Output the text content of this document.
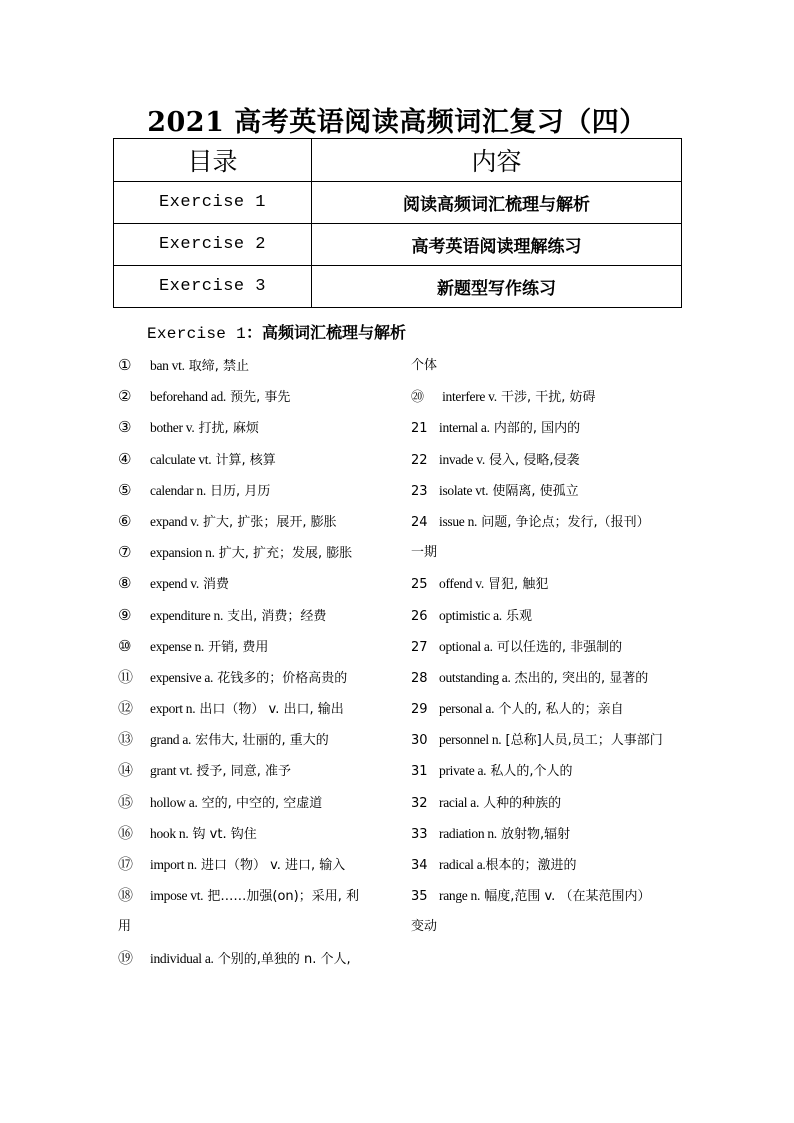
2021 高考英语阅读高频词汇复习（四）
目录	内容
Exercise 1	阅读高频词汇梳理与解析
Exercise 2	高考英语阅读理解练习
Exercise 3	新题型写作练习
Exercise 1：高频词汇梳理与解析
① ban vt. 取缔, 禁止
② beforehand ad. 预先, 事先
③ bother v. 打扰, 麻烦
④ calculate vt. 计算, 核算
⑤ calendar n. 日历, 月历
⑥ expand v. 扩大, 扩张；展开, 膨胀
⑦ expansion n. 扩大, 扩充；发展, 膨胀
⑧ expend v. 消费
⑨ expenditure n. 支出, 消费；经费
⑩ expense n. 开销, 费用
⑪ expensive a. 花钱多的；价格高贵的
⑫ export n. 出口（物） v. 出口, 输出
⑬ grand a. 宏伟大, 壮丽的, 重大的
⑭ grant vt. 授予, 同意, 准予
⑮ hollow a. 空的, 中空的, 空虚道
⑯ hook n. 钩 vt. 钩住
⑰ import n. 进口（物） v. 进口, 输入
⑱ impose vt. 把……加强(on)；采用, 利
用
⑲ individual a. 个别的,单独的 n. 个人,
个体
⑳ interfere v. 干涉, 干扰, 妨碍
21 internal a. 内部的, 国内的
22 invade v. 侵入, 侵略,侵袭
23 isolate vt. 使隔离, 使孤立
24 issue n. 问题, 争论点；发行,（报刊）
一期
25 offend v. 冒犯, 触犯
26 optimistic a. 乐观
27 optional a. 可以任选的, 非强制的
28 outstanding a. 杰出的, 突出的, 显著的
29 personal a. 个人的, 私人的；亲自
30 personnel n. [总称]人员,员工；人事部门
31 private a. 私人的,个人的
32 racial a. 人种的种族的
33 radiation n. 放射物,辐射
34 radical a.根本的；激进的
35 range n. 幅度,范围 v. （在某范围内）
变动
